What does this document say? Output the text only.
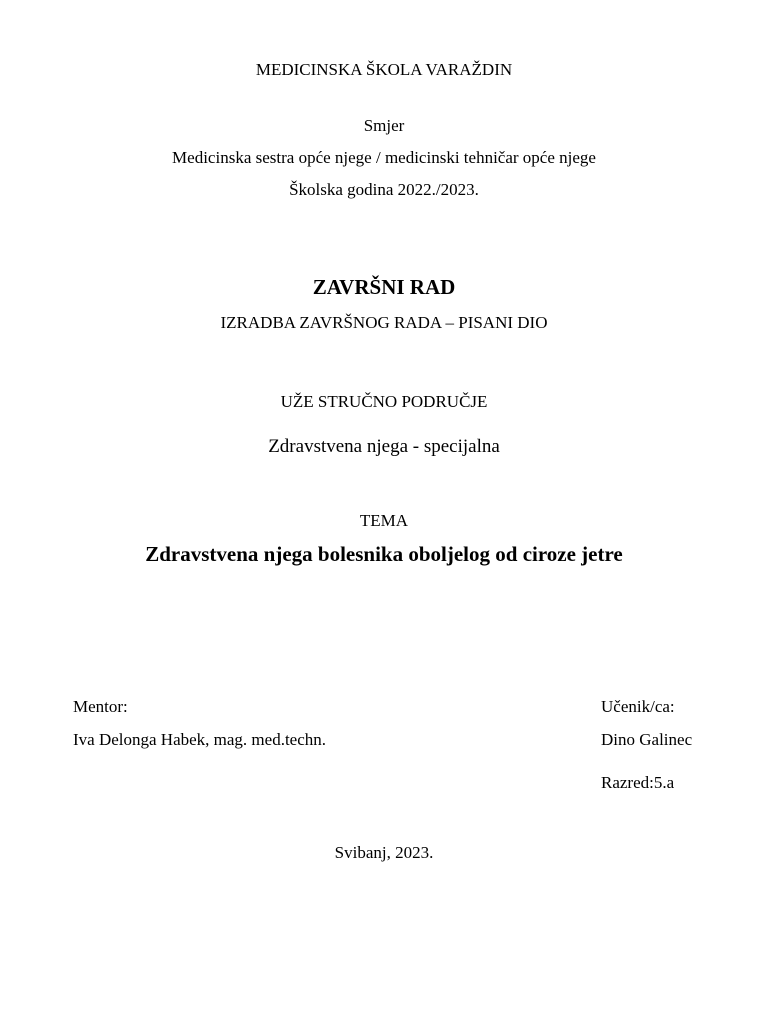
MEDICINSKA ŠKOLA VARAŽDIN
Smjer
Medicinska sestra opće njege / medicinski tehničar opće njege
Školska godina 2022./2023.
ZAVRŠNI RAD
IZRADBA ZAVRŠNOG RADA – PISANI DIO
UŽE STRUČNO PODRUČJE
Zdravstvena njega - specijalna
TEMA
Zdravstvena njega bolesnika oboljelog od ciroze jetre
Mentor:
Iva Delonga Habek, mag. med.techn.
Učenik/ca:
Dino Galinec
Razred:5.a
Svibanj, 2023.
